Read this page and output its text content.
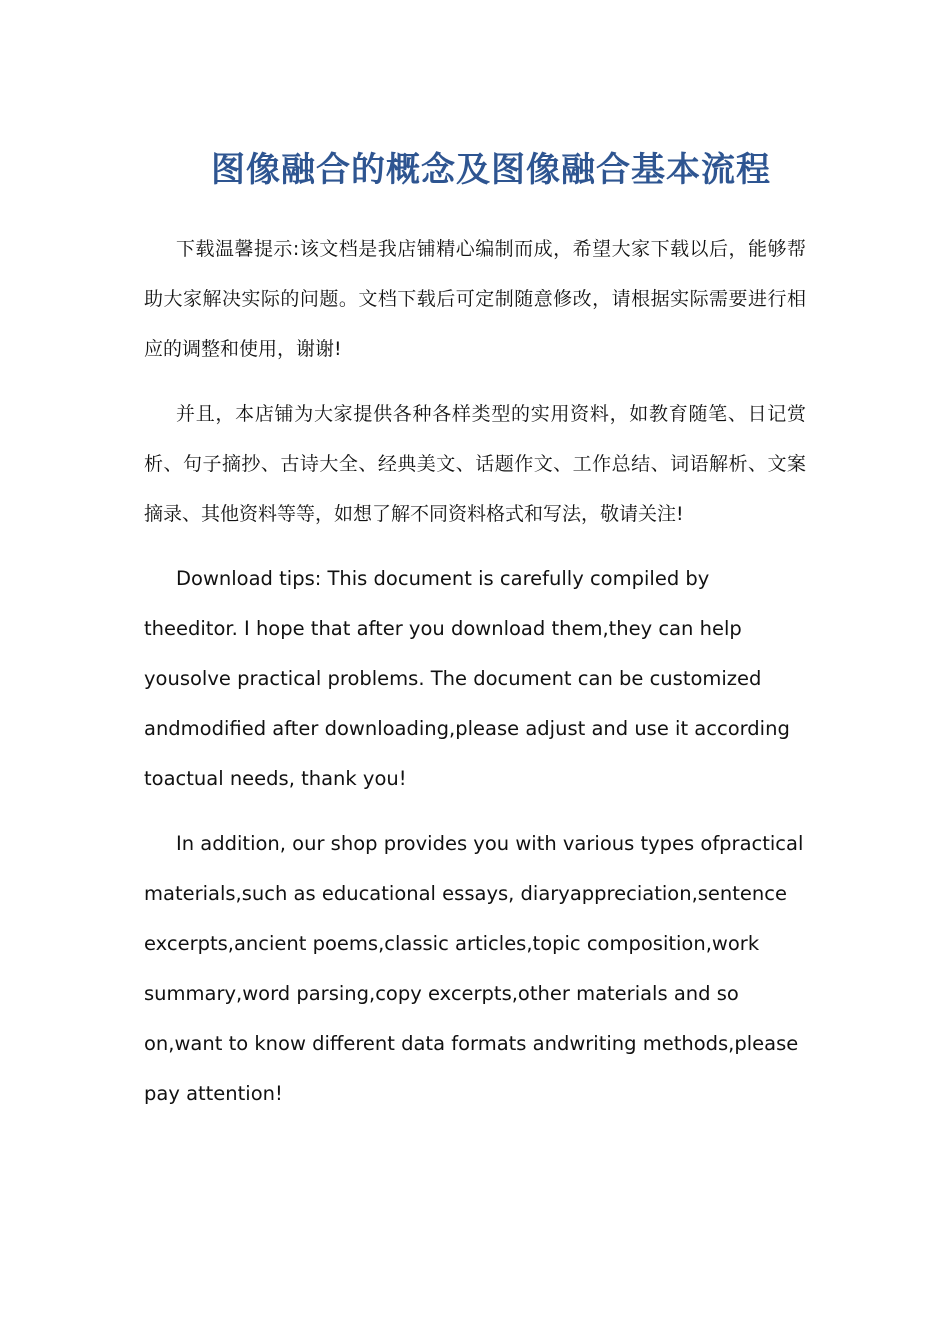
图像融合的概念及图像融合基本流程

下载温馨提示:该文档是我店铺精心编制而成，希望大家下载以后，能够帮助大家解决实际的问题。文档下载后可定制随意修改，请根据实际需要进行相应的调整和使用，谢谢!

并且，本店铺为大家提供各种各样类型的实用资料，如教育随笔、日记赏析、句子摘抄、古诗大全、经典美文、话题作文、工作总结、词语解析、文案摘录、其他资料等等，如想了解不同资料格式和写法，敬请关注!

Download tips: This document is carefully compiled by theeditor. I hope that after you download them,they can help yousolve practical problems. The document can be customized andmodified after downloading,please adjust and use it according toactual needs, thank you!

In addition, our shop provides you with various types ofpractical materials,such as educational essays, diaryappreciation,sentence excerpts,ancient poems,classic articles,topic composition,work summary,word parsing,copy excerpts,other materials and so on,want to know different data formats andwriting methods,please pay attention!
